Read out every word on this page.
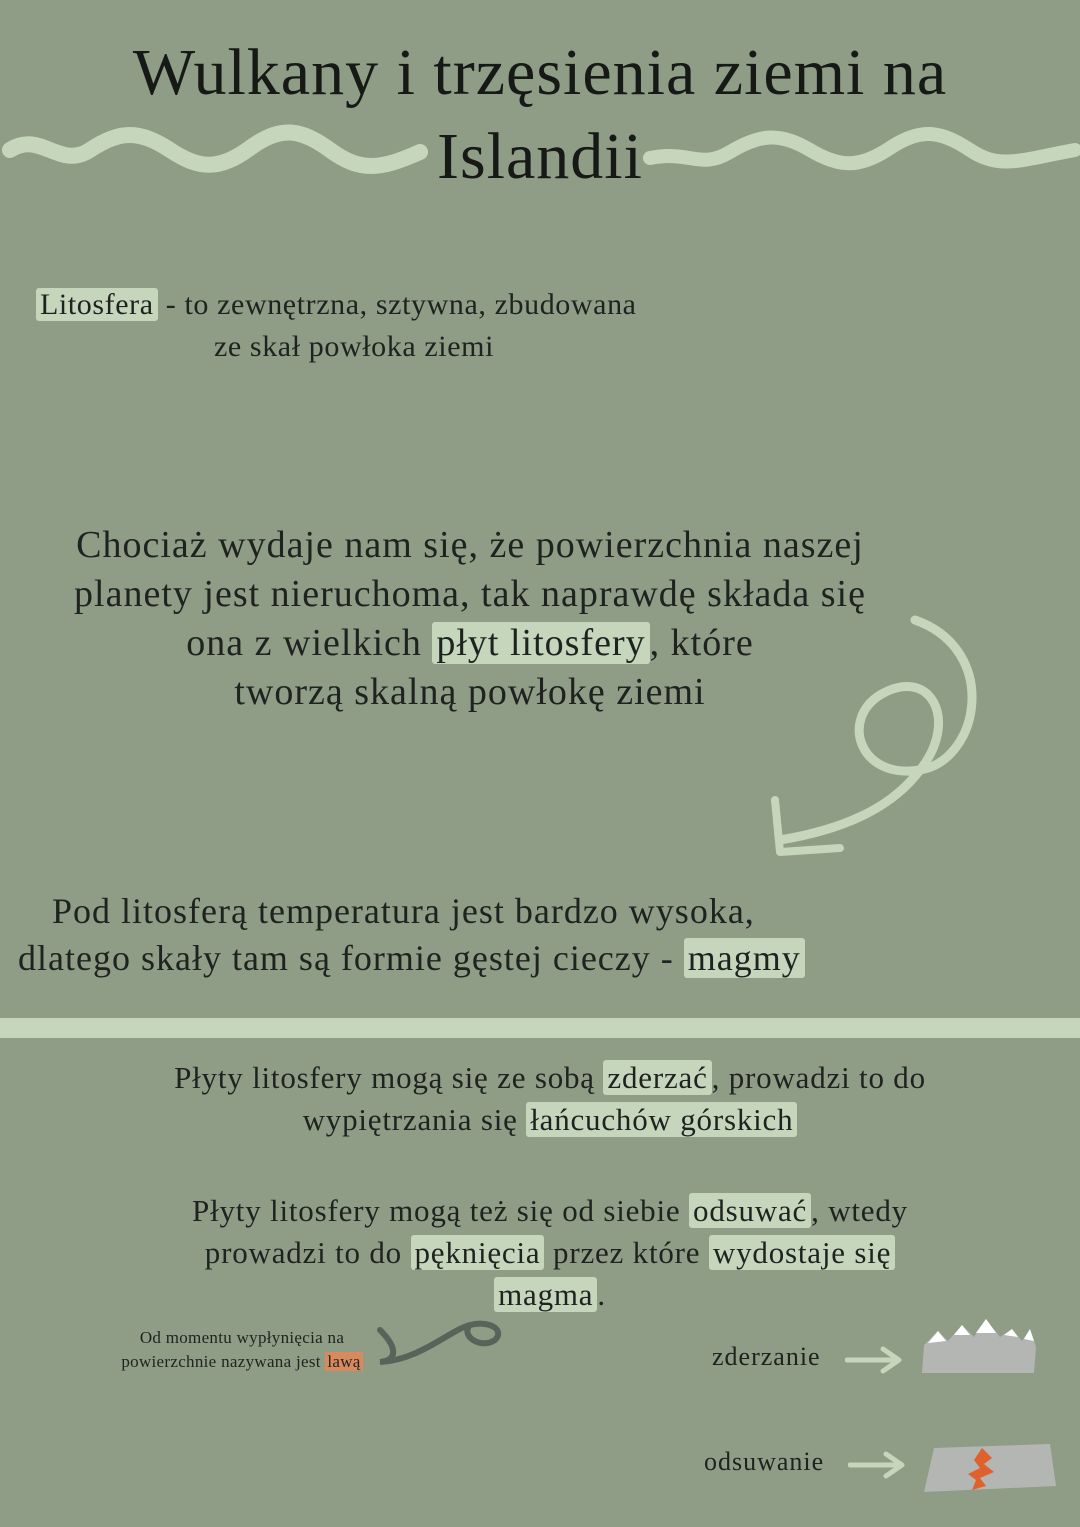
Wulkany i trzęsienia ziemi na
Islandii
Litosfera - to zewnętrzna, sztywna, zbudowana
ze skał powłoka ziemi
Chociaż wydaje nam się, że powierzchnia naszej
planety jest nieruchoma, tak naprawdę składa się
ona z wielkich płyt litosfery , które
tworzą skalną powłokę ziemi
Pod litosferą temperatura jest bardzo wysoka,
dlatego skały tam są formie gęstej cieczy - magmy
Płyty litosfery mogą się ze sobą zderzać , prowadzi to do
wypiętrzania się łańcuchów górskich
Płyty litosfery mogą też się od siebie odsuwać , wtedy
prowadzi to do pęknięcia przez które wydostaje się
magma .
Od momentu wypłynięcia na
powierzchnie nazywana jest lawą	zderzanie
odsuwanie
